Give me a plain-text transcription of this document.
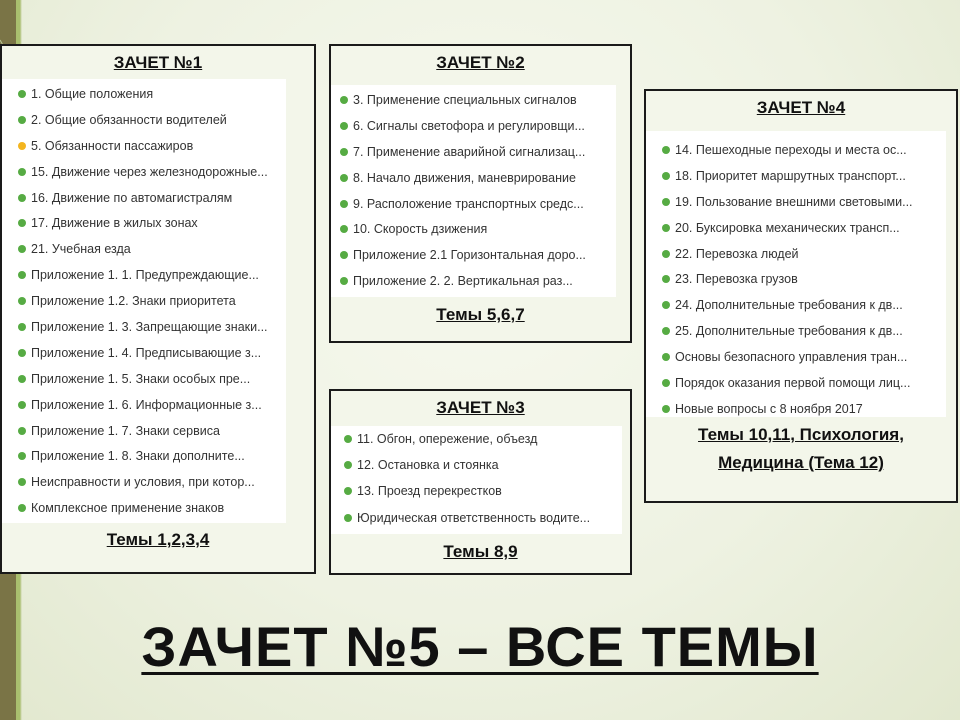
ЗАЧЕТ №1
1. Общие положения
2. Общие обязанности водителей
5. Обязанности пассажиров
15. Движение через железнодорожные...
16. Движение по автомагистралям
17. Движение в жилых зонах
21. Учебная езда
Приложение 1. 1. Предупреждающие...
Приложение 1.2. Знаки приоритета
Приложение 1. 3. Запрещающие знаки...
Приложение 1. 4. Предписывающие з...
Приложение 1. 5. Знаки особых пре...
Приложение 1. 6. Информационные з...
Приложение 1. 7. Знаки сервиса
Приложение 1. 8. Знаки дополните...
Неисправности и условия, при котор...
Комплексное применение знаков
Темы 1,2,3,4
ЗАЧЕТ №2
3. Применение специальных сигналов
6. Сигналы светофора и регулировщи...
7. Применение аварийной сигнализац...
8. Начало движения, маневрирование
9. Расположение транспортных средс...
10. Скорость дзижения
Приложение 2.1 Горизонтальная доро...
Приложение 2. 2. Вертикальная раз...
Темы 5,6,7
ЗАЧЕТ №3
11. Обгон, опережение, объезд
12. Остановка и стоянка
13. Проезд перекрестков
Юридическая ответственность водите...
Темы 8,9
ЗАЧЕТ №4
14. Пешеходные переходы и места ос...
18. Приоритет маршрутных транспорт...
19. Пользование внешними световыми...
20. Буксировка механических трансп...
22. Перевозка людей
23. Перевозка грузов
24. Дополнительные требования к дв...
25. Дополнительные требования к дв...
Основы безопасного управления тран...
Порядок оказания первой помощи лиц...
Новые вопросы с 8 ноября 2017
Темы 10,11, Психология,
Медицина (Тема 12)
ЗАЧЕТ №5 – ВСЕ ТЕМЫ
